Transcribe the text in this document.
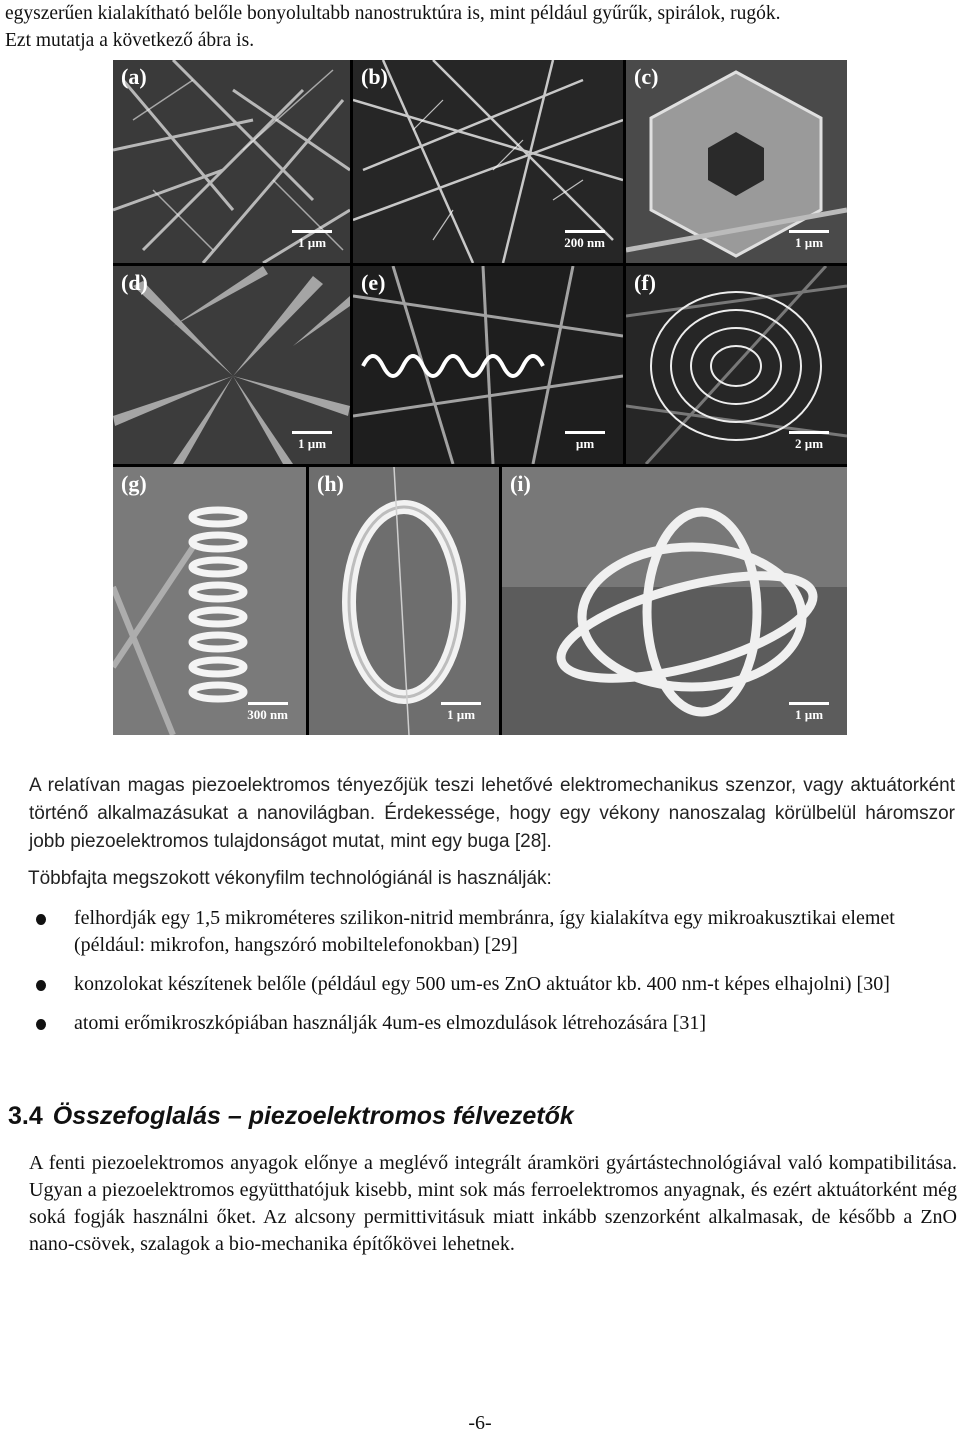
egyszerűen kialakítható belőle bonyolultabb nanostruktúra is, mint például gyűrűk, spirálok, rugók.

Ezt mutatja a következő ábra is.

(a)
1 µm
(b)
200 nm
(c)
1 µm
(d)
1 µm
(e)
µm
(f)
2 µm
(g)
300 nm
(h)
1 µm
(i)
1 µm
A relatívan magas piezoelektromos tényezőjük teszi lehetővé elektromechanikus szenzor, vagy aktuátorként történő alkalmazásukat a nanovilágban. Érdekessége, hogy egy vékony nanoszalag körülbelül háromszor jobb piezoelektromos tulajdonságot mutat, mint egy buga [28].
Többfajta megszokott vékonyfilm technológiánál is használják:
felhordják egy 1,5 mikrométeres szilikon-nitrid membránra, így kialakítva egy mikroakusztikai elemet (például: mikrofon, hangszóró mobiltelefonokban) [29]
konzolokat készítenek belőle (például egy 500 um-es ZnO aktuátor kb. 400 nm-t képes elhajolni) [30]
atomi erőmikroszkópiában használják 4um-es elmozdulások létrehozására [31]
3.4 Összefoglalás – piezoelektromos félvezetők
A fenti piezoelektromos anyagok előnye a meglévő integrált áramköri gyártástechnológiával való kompatibilitása. Ugyan a piezoelektromos együtthatójuk kisebb, mint sok más ferroelektromos anyagnak, és ezért aktuátorként még soká fogják használni őket. Az alcsony permittivitásuk miatt inkább szenzorként alkalmasak, de később a ZnO nano-csövek, szalagok a bio-mechanika építőkövei lehetnek.
-6-
